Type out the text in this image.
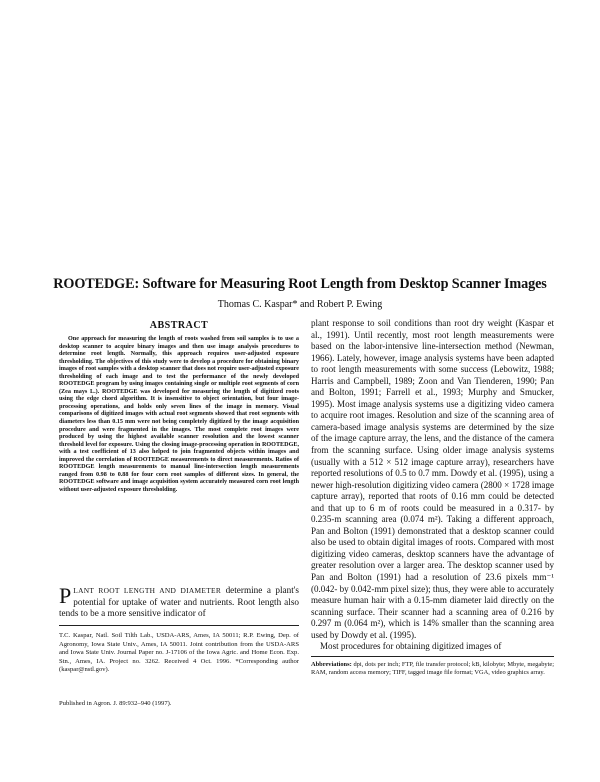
ROOTEDGE: Software for Measuring Root Length from Desktop Scanner Images
Thomas C. Kaspar* and Robert P. Ewing
ABSTRACT

One approach for measuring the length of roots washed from soil samples is to use a desktop scanner to acquire binary images and then use image analysis procedures to determine root length. Normally, this approach requires user-adjusted exposure thresholding. The objectives of this study were to develop a procedure for obtaining binary images of root samples with a desktop scanner that does not require user-adjusted exposure thresholding of each image and to test the performance of the newly developed ROOTEDGE program by using images containing single or multiple root segments of corn (Zea mays L.). ROOTEDGE was developed for measuring the length of digitized roots using the edge chord algorithm. It is insensitive to object orientation, but four image-processing operations, and holds only seven lines of the image in memory. Visual comparisons of digitized images with actual root segments showed that root segments with diameters less than 0.15 mm were not being completely digitized by the image acquisition procedure and were fragmented in the images. The most complete root images were produced by using the highest available scanner resolution and the lowest scanner threshold level for exposure. Using the closing image-processing operation in ROOTEDGE, with a test coefficient of 13 also helped to join fragmented objects within images and improved the correlation of ROOTEDGE measurements to direct measurements. Ratios of ROOTEDGE length measurements to manual line-intersection length measurements ranged from 0.98 to 0.88 for four corn root samples of different sizes. In general, the ROOTEDGE software and image acquisition system accurately measured corn root length without user-adjusted exposure thresholding.

PLANT ROOT LENGTH AND DIAMETER determine a plant's potential for uptake of water and nutrients. Root length also tends to be a more sensitive indicator of

T.C. Kaspar, Natl. Soil Tilth Lab., USDA-ARS, Ames, IA 50011; R.P. Ewing, Dep. of Agronomy, Iowa State Univ., Ames, IA 50011. Joint contribution from the USDA-ARS and Iowa State Univ. Journal Paper no. J-17106 of the Iowa Agric. and Home Econ. Exp. Stn., Ames, IA. Project no. 3262. Received 4 Oct. 1996. *Corresponding author (kaspar@nstl.gov).

Published in Agron. J. 89:932–940 (1997).

plant response to soil conditions than root dry weight (Kaspar et al., 1991). Until recently, most root length measurements were based on the labor-intensive line-intersection method (Newman, 1966). Lately, however, image analysis systems have been adapted to root length measurements with some success (Lebowitz, 1988; Harris and Campbell, 1989; Zoon and Van Tienderen, 1990; Pan and Bolton, 1991; Farrell et al., 1993; Murphy and Smucker, 1995). Most image analysis systems use a digitizing video camera to acquire root images. Resolution and size of the scanning area of camera-based image analysis systems are determined by the size of the image capture array, the lens, and the distance of the camera from the scanning surface. Using older image analysis systems (usually with a 512 × 512 image capture array), researchers have reported resolutions of 0.5 to 0.7 mm. Dowdy et al. (1995), using a newer high-resolution digitizing video camera (2800 × 1728 image capture array), reported that roots of 0.16 mm could be detected and that up to 6 m of roots could be measured in a 0.317- by 0.235-m scanning area (0.074 m²). Taking a different approach, Pan and Bolton (1991) demonstrated that a desktop scanner could also be used to obtain digital images of roots. Compared with most digitizing video cameras, desktop scanners have the advantage of greater resolution over a larger area. The desktop scanner used by Pan and Bolton (1991) had a resolution of 23.6 pixels mm⁻¹ (0.042- by 0.042-mm pixel size); thus, they were able to accurately measure human hair with a 0.15-mm diameter laid directly on the scanning surface. Their scanner had a scanning area of 0.216 by 0.297 m (0.064 m²), which is 14% smaller than the scanning area used by Dowdy et al. (1995).

Most procedures for obtaining digitized images of

Abbreviations: dpi, dots per inch; FTP, file transfer protocol; kB, kilobyte; Mbyte, megabyte; RAM, random access memory; TIFF, tagged image file format; VGA, video graphics array.
